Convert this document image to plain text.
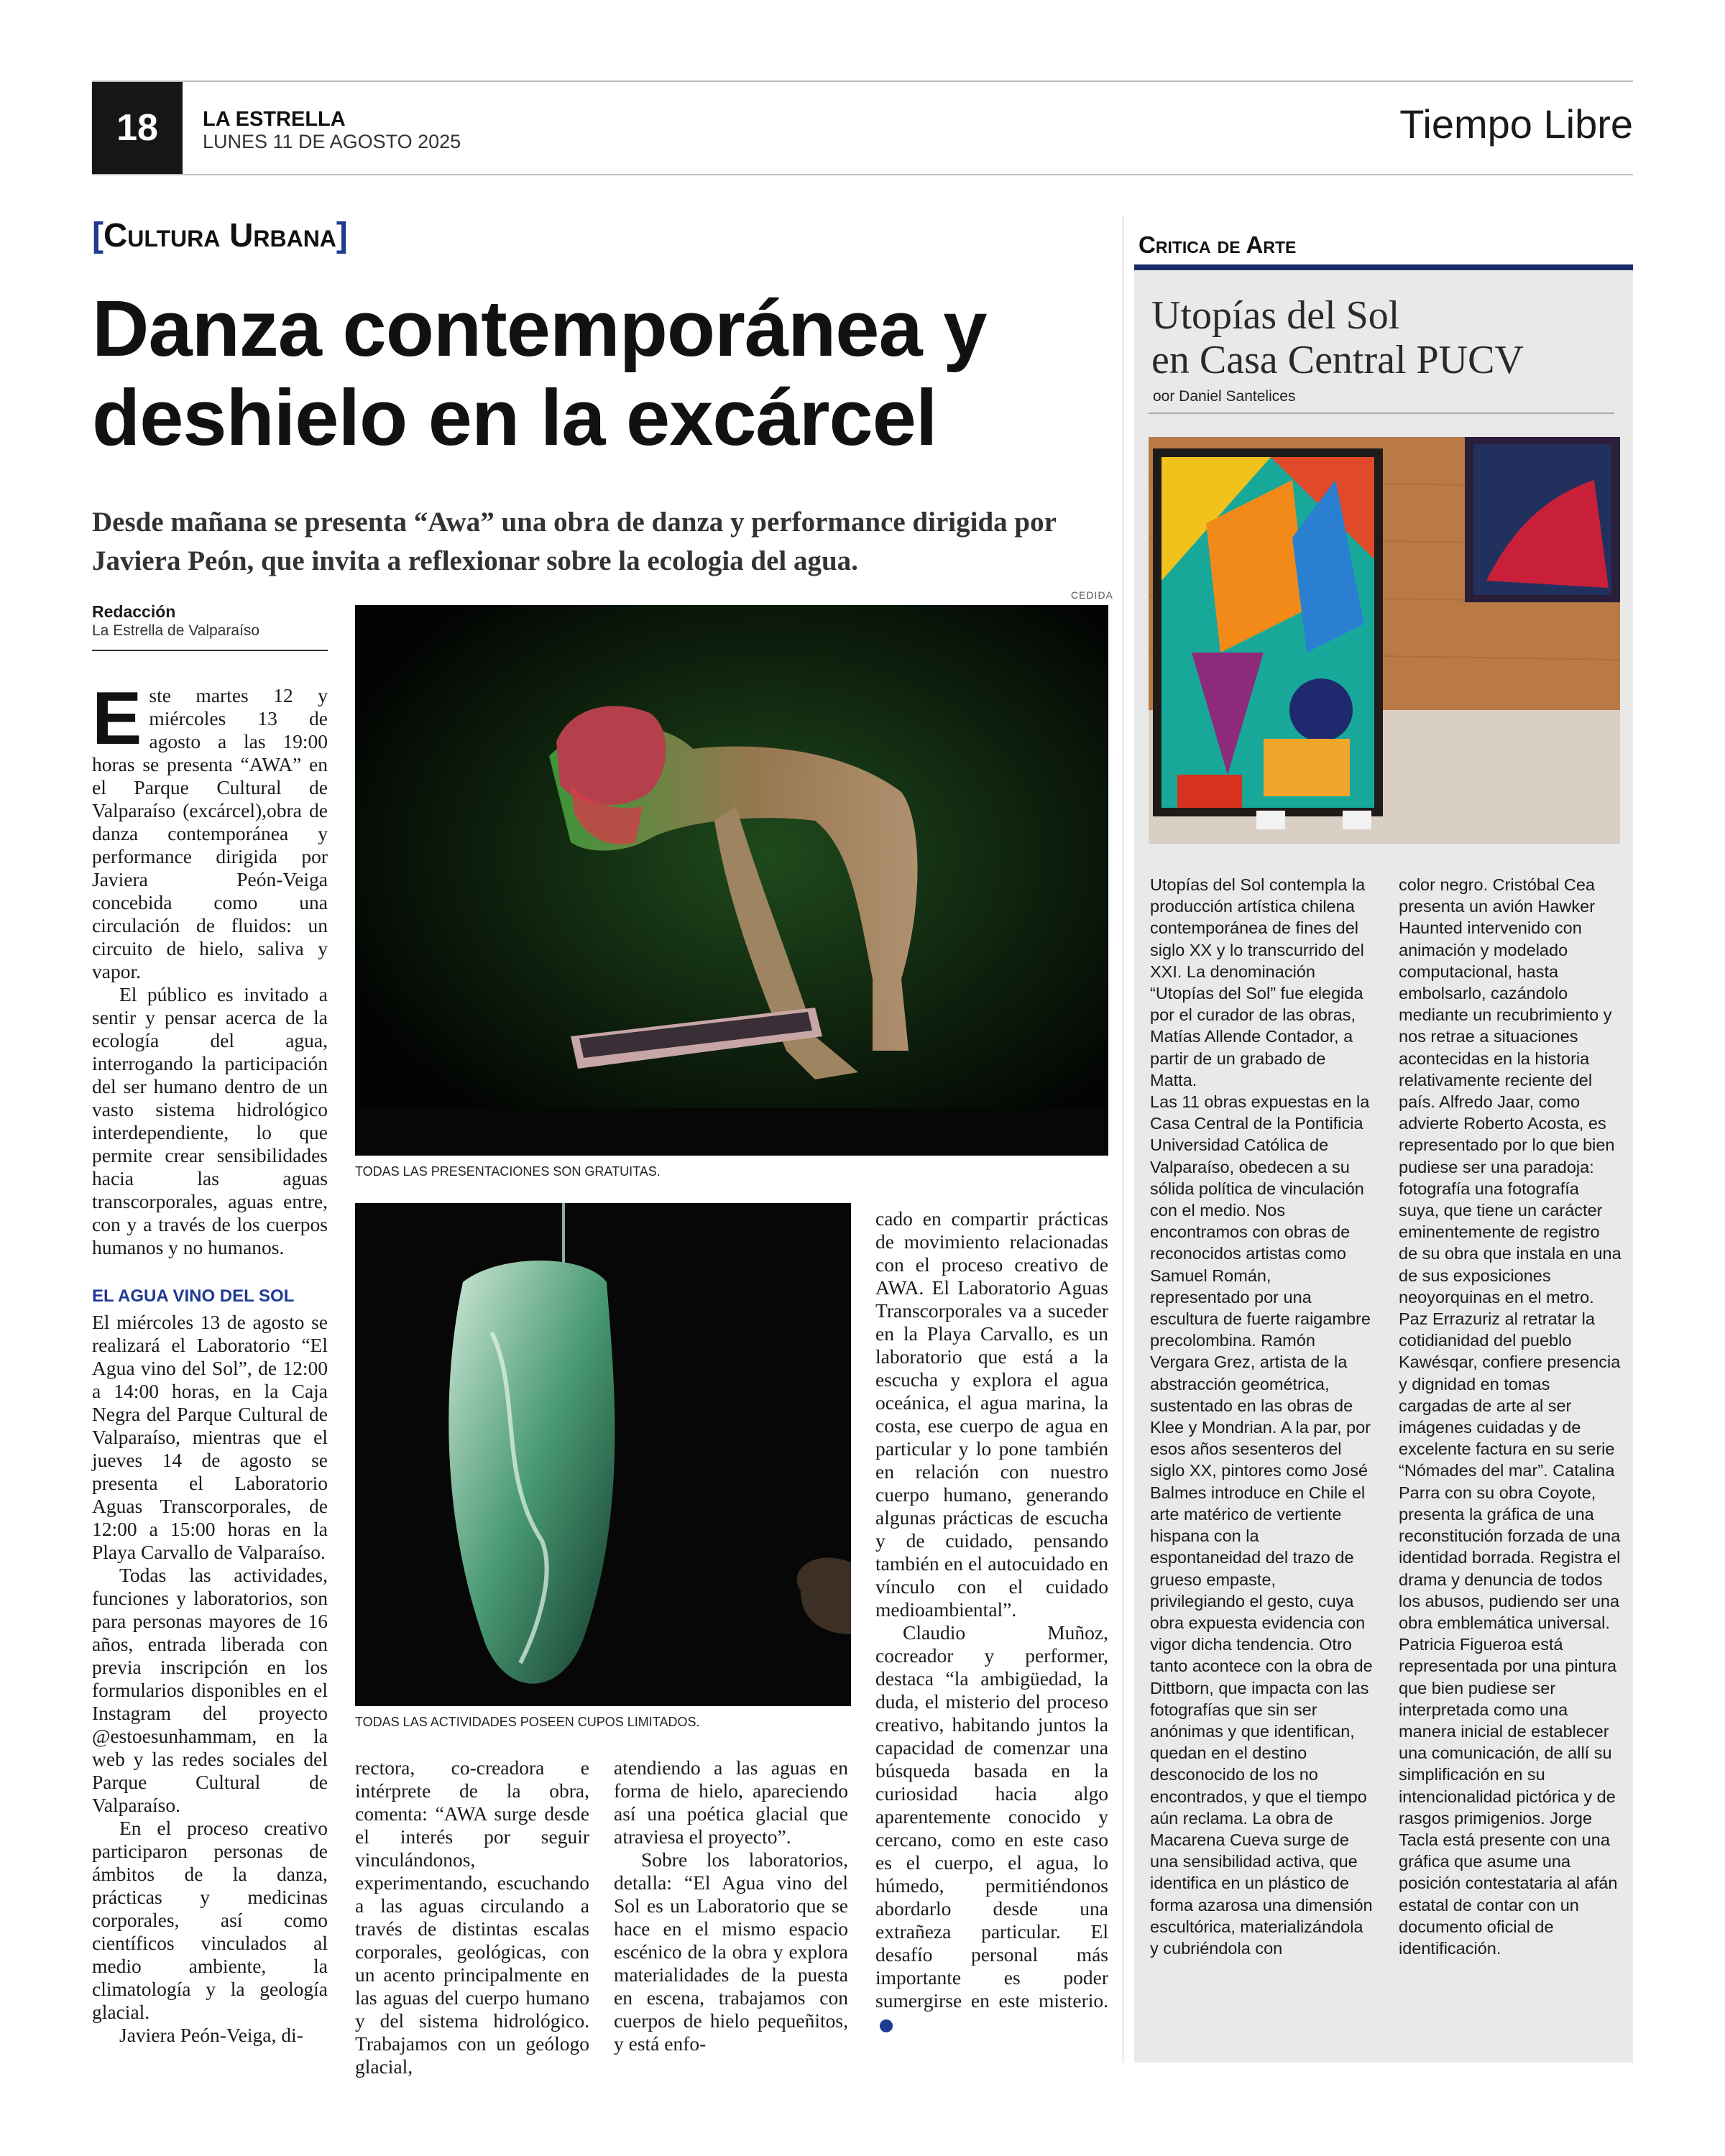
18	LA ESTRELLA
LUNES 11 DE AGOSTO 2025	Tiempo Libre
[Cultura Urbana]
Danza contemporánea y deshielo en la excárcel
Desde mañana se presenta “Awa” una obra de danza y performance dirigida por Javiera Peón, que invita a reflexionar sobre la ecologia del agua.
Redacción
La Estrella de Valparaíso
CEDIDA

Este martes 12 y miércoles 13 de agosto a las 19:00 horas se presenta “AWA” en el Parque Cultural de Valparaíso (excárcel),obra de danza contemporánea y performance dirigida por Javiera Peón-Veiga concebida como una circulación de fluidos: un circuito de hielo, saliva y vapor.

El público es invitado a sentir y pensar acerca de la ecología del agua, interrogando la participación del ser humano dentro de un vasto sistema hidrológico interdependiente, lo que permite crear sensibilidades hacia las aguas transcorporales, aguas entre, con y a través de los cuerpos humanos y no humanos.

EL AGUA VINO DEL SOL

El miércoles 13 de agosto se realizará el Laboratorio “El Agua vino del Sol”, de 12:00 a 14:00 horas, en la Caja Negra del Parque Cultural de Valparaíso, mientras que el jueves 14 de agosto se presenta el Laboratorio Aguas Transcorporales, de 12:00 a 15:00 horas en la Playa Carvallo de Valparaíso.

Todas las actividades, funciones y laboratorios, son para personas mayores de 16 años, entrada liberada con previa inscripción en los formularios disponibles en el Instagram del proyecto @estoesunhammam, en la web y las redes sociales del Parque Cultural de Valparaíso.

En el proceso creativo participaron personas de ámbitos de la danza, prácticas y medicinas corporales, así como científicos vinculados al medio ambiente, la climatología y la geología glacial.

Javiera Peón-Veiga, di-

TODAS LAS PRESENTACIONES SON GRATUITAS.
TODAS LAS ACTIVIDADES POSEEN CUPOS LIMITADOS.

rectora, co-creadora e intérprete de la obra, comenta: “AWA surge desde el interés por seguir vinculándonos, experimentando, escuchando a las aguas circulando a través de distintas escalas corporales, geológicas, con un acento principalmente en las aguas del cuerpo humano y del sistema hidrológico. Trabajamos con un geólogo glacial,

atendiendo a las aguas en forma de hielo, apareciendo así una poética glacial que atraviesa el proyecto”.

Sobre los laboratorios, detalla: “El Agua vino del Sol es un Laboratorio que se hace en el mismo espacio escénico de la obra y explora materialidades de la puesta en escena, trabajamos con cuerpos de hielo pequeñitos, y está enfo-

cado en compartir prácticas de movimiento relacionadas con el proceso creativo de AWA. El Laboratorio Aguas Transcorporales va a suceder en la Playa Carvallo, es un laboratorio que está a la escucha y explora el agua oceánica, el agua marina, la costa, ese cuerpo de agua en particular y lo pone también en relación con nuestro cuerpo humano, generando algunas prácticas de escucha y de cuidado, pensando también en el autocuidado en vínculo con el cuidado medioambiental”.

Claudio Muñoz, cocreador y performer, destaca “la ambigüedad, la duda, el misterio del proceso creativo, habitando juntos la capacidad de comenzar una búsqueda basada en la curiosidad hacia algo aparentemente conocido y cercano, como en este caso es el cuerpo, el agua, lo húmedo, permitiéndonos abordarlo desde una extrañeza particular. El desafío personal más importante es poder sumergirse en este misterio.

Critica de Arte
Utopías del Sol
en Casa Central PUCV
oor Daniel Santelices

Utopías del Sol contempla la producción artística chilena contemporánea de fines del siglo XX y lo transcurrido del XXI. La denominación “Utopías del Sol” fue elegida por el curador de las obras, Matías Allende Contador, a partir de un grabado de Matta.

Las 11 obras expuestas en la Casa Central de la Pontificia Universidad Católica de Valparaíso, obedecen a su sólida política de vinculación con el medio. Nos encontramos con obras de reconocidos artistas como Samuel Román, representado por una escultura de fuerte raigambre precolombina. Ramón Vergara Grez, artista de la abstracción geométrica, sustentado en las obras de Klee y Mondrian. A la par, por esos años sesenteros del siglo XX, pintores como José Balmes introduce en Chile el arte matérico de vertiente hispana con la espontaneidad del trazo de grueso empaste, privilegiando el gesto, cuya obra expuesta evidencia con vigor dicha tendencia. Otro tanto acontece con la obra de Dittborn, que impacta con las fotografías que sin ser anónimas y que identifican, quedan en el destino desconocido de los no encontrados, y que el tiempo aún reclama. La obra de Macarena Cueva surge de una sensibilidad activa, que identifica en un plástico de forma azarosa una dimensión escultórica, materializándola y cubriéndola con

color negro. Cristóbal Cea presenta un avión Hawker Haunted intervenido con animación y modelado computacional, hasta embolsarlo, cazándolo mediante un recubrimiento y nos retrae a situaciones acontecidas en la historia relativamente reciente del país. Alfredo Jaar, como advierte Roberto Acosta, es representado por lo que bien pudiese ser una paradoja: fotografía una fotografía suya, que tiene un carácter eminentemente de registro de su obra que instala en una de sus exposiciones neoyorquinas en el metro. Paz Errazuriz al retratar la cotidianidad del pueblo Kawésqar, confiere presencia y dignidad en tomas cargadas de arte al ser imágenes cuidadas y de excelente factura en su serie “Nómades del mar”. Catalina Parra con su obra Coyote, presenta la gráfica de una reconstitución forzada de una identidad borrada. Registra el drama y denuncia de todos los abusos, pudiendo ser una obra emblemática universal. Patricia Figueroa está representada por una pintura que bien pudiese ser interpretada como una manera inicial de establecer una comunicación, de allí su simplificación en su intencionalidad pictórica y de rasgos primigenios. Jorge Tacla está presente con una gráfica que asume una posición contestataria al afán estatal de contar con un documento oficial de identificación.
